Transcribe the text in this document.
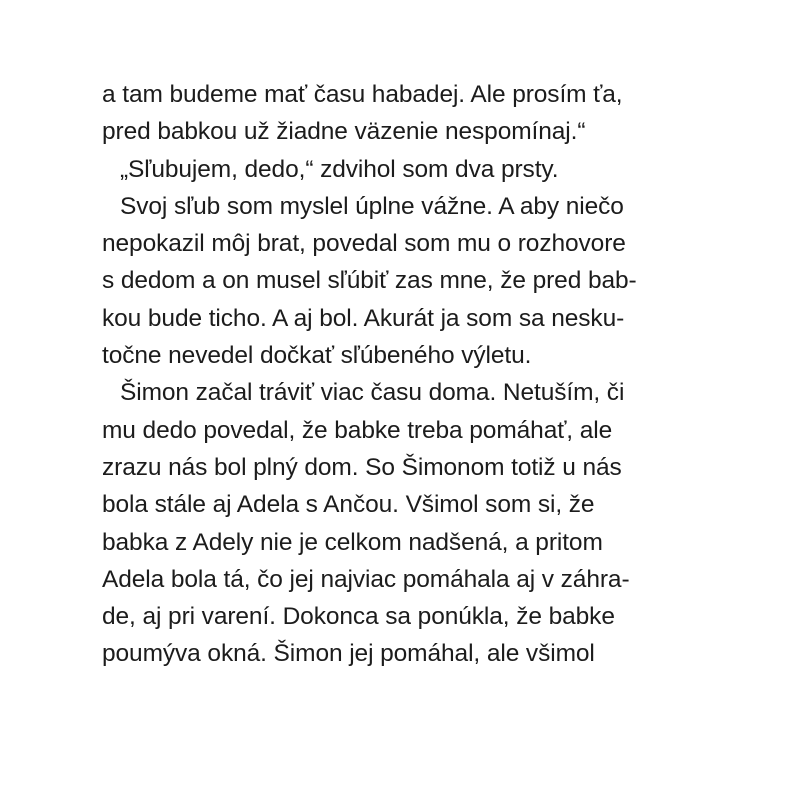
a tam budeme mať času habadej. Ale prosím ťa,
pred babkou už žiadne väzenie nespomínaj.“
„Sľubujem, dedo,“ zdvihol som dva prsty.
Svoj sľub som myslel úplne vážne. A aby niečo
nepokazil môj brat, povedal som mu o rozhovore
s dedom a on musel sľúbiť zas mne, že pred bab-
kou bude ticho. A aj bol. Akurát ja som sa nesku-
točne nevedel dočkať sľúbeného výletu.
Šimon začal tráviť viac času doma. Netuším, či
mu dedo povedal, že babke treba pomáhať, ale
zrazu nás bol plný dom. So Šimonom totiž u nás
bola stále aj Adela s Ančou. Všimol som si, že
babka z Adely nie je celkom nadšená, a pritom
Adela bola tá, čo jej najviac pomáhala aj v záhra-
de, aj pri varení. Dokonca sa ponúkla, že babke
poumýva okná. Šimon jej pomáhal, ale všimol
